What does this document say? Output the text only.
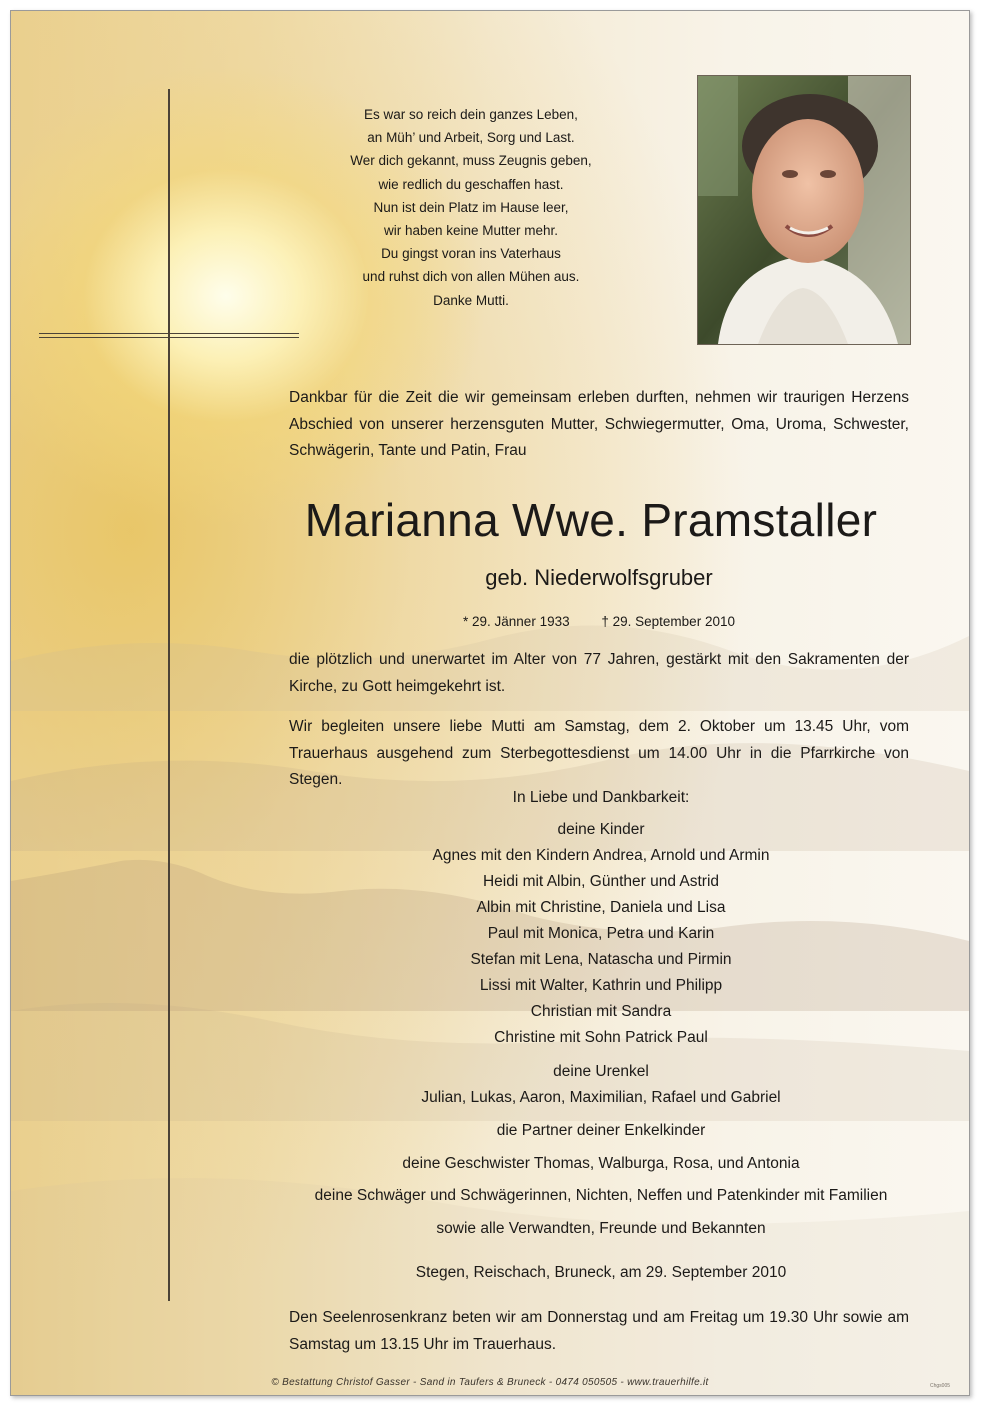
Es war so reich dein ganzes Leben,
an Müh’ und Arbeit, Sorg und Last.
Wer dich gekannt, muss Zeugnis geben,
wie redlich du geschaffen hast.
Nun ist dein Platz im Hause leer,
wir haben keine Mutter mehr.
Du gingst voran ins Vaterhaus
und ruhst dich von allen Mühen aus.
Danke Mutti.
Dankbar für die Zeit die wir gemeinsam erleben durften, nehmen wir traurigen Herzens Abschied von unserer herzensguten Mutter, Schwiegermutter, Oma, Uroma, Schwester, Schwägerin, Tante und Patin, Frau
Marianna Wwe. Pramstaller
geb. Niederwolfsgruber
* 29. Jänner 1933 † 29. September 2010
die plötzlich und unerwartet im Alter von 77 Jahren, gestärkt mit den Sakramenten der Kirche, zu Gott heimgekehrt ist.
Wir begleiten unsere liebe Mutti am Samstag, dem 2. Oktober um 13.45 Uhr, vom Trauerhaus ausgehend zum Sterbegottesdienst um 14.00 Uhr in die Pfarrkirche von Stegen.
In Liebe und Dankbarkeit:
deine Kinder
Agnes mit den Kindern Andrea, Arnold und Armin
Heidi mit Albin, Günther und Astrid
Albin mit Christine, Daniela und Lisa
Paul mit Monica, Petra und Karin
Stefan mit Lena, Natascha und Pirmin
Lissi mit Walter, Kathrin und Philipp
Christian mit Sandra
Christine mit Sohn Patrick Paul
deine Urenkel
Julian, Lukas, Aaron, Maximilian, Rafael und Gabriel
die Partner deiner Enkelkinder
deine Geschwister Thomas, Walburga, Rosa, und Antonia
deine Schwäger und Schwägerinnen, Nichten, Neffen und Patenkinder mit Familien
sowie alle Verwandten, Freunde und Bekannten
Stegen, Reischach, Bruneck, am 29. September 2010
Den Seelenrosenkranz beten wir am Donnerstag und am Freitag um 19.30 Uhr sowie am Samstag um 13.15 Uhr im Trauerhaus.
© Bestattung Christof Gasser - Sand in Taufers & Bruneck - 0474 050505 - www.trauerhilfe.it	Chgs005
